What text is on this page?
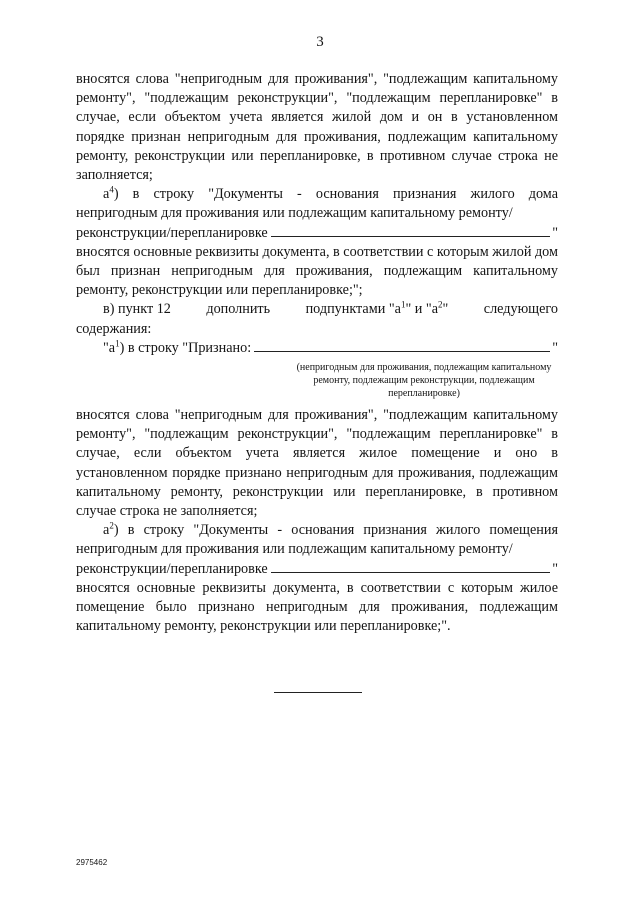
3

вносятся слова "непригодным для проживания", "подлежащим капитальному ремонту", "подлежащим реконструкции", "подлежащим перепланировке" в случае, если объектом учета является жилой дом и он в установленном порядке признан непригодным для проживания, подлежащим капитальному ремонту, реконструкции или перепланировке, в противном случае строка не заполняется;

$а^4$) в строку "Документы - основания признания жилого дома непригодным для проживания или подлежащим капитальному ремонту/

реконструкции/перепланировке	"

вносятся основные реквизиты документа, в соответствии с которым жилой дом был признан непригодным для проживания, подлежащим капитальному ремонту, реконструкции или перепланировке;";

в) пункт 12 дополнить подпунктами "$а^1$" и "$а^2$" следующего

содержания:

"$а^1$) в строку "Признано:	"
(непригодным для проживания, подлежащим капитальному ремонту, подлежащим реконструкции, подлежащим перепланировке)

вносятся слова "непригодным для проживания", "подлежащим капитальному ремонту", "подлежащим реконструкции", "подлежащим перепланировке" в случае, если объектом учета является жилое помещение и оно в установленном порядке признано непригодным для проживания, подлежащим капитальному ремонту, реконструкции или перепланировке, в противном случае строка не заполняется;

$а^2$) в строку "Документы - основания признания жилого помещения непригодным для проживания или подлежащим капитальному ремонту/

реконструкции/перепланировке	"

вносятся основные реквизиты документа, в соответствии с которым жилое помещение было признано непригодным для проживания, подлежащим капитальному ремонту, реконструкции или перепланировке;".

2975462
